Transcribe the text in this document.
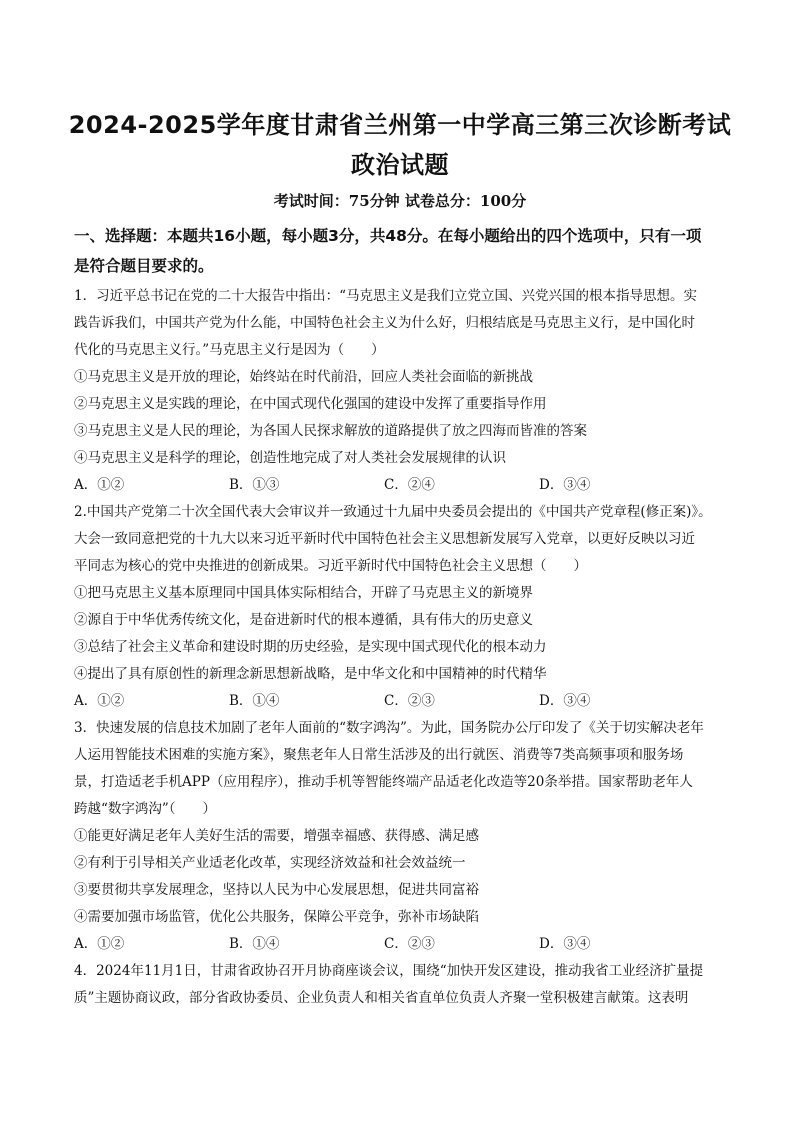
2024-2025学年度甘肃省兰州第一中学高三第三次诊断考试
政治试题
考试时间：75分钟 试卷总分：100分
一、选择题：本题共16小题，每小题3分，共48分。在每小题给出的四个选项中，只有一项
是符合题目要求的。
1．习近平总书记在党的二十大报告中指出：“马克思主义是我们立党立国、兴党兴国的根本指导思想。实
践告诉我们，中国共产党为什么能，中国特色社会主义为什么好，归根结底是马克思主义行，是中国化时
代化的马克思主义行。”马克思主义行是因为（　　）
①马克思主义是开放的理论，始终站在时代前沿，回应人类社会面临的新挑战
②马克思主义是实践的理论，在中国式现代化强国的建设中发挥了重要指导作用
③马克思主义是人民的理论，为各国人民探求解放的道路提供了放之四海而皆准的答案
④马克思主义是科学的理论，创造性地完成了对人类社会发展规律的认识
A．①②	B．①③	C．②④	D．③④
2.中国共产党第二十次全国代表大会审议并一致通过十九届中央委员会提出的《中国共产党章程(修正案)》。
大会一致同意把党的十九大以来习近平新时代中国特色社会主义思想新发展写入党章，以更好反映以习近
平同志为核心的党中央推进的创新成果。习近平新时代中国特色社会主义思想（　　）
①把马克思主义基本原理同中国具体实际相结合，开辟了马克思主义的新境界
②源自于中华优秀传统文化，是奋进新时代的根本遵循，具有伟大的历史意义
③总结了社会主义革命和建设时期的历史经验，是实现中国式现代化的根本动力
④提出了具有原创性的新理念新思想新战略，是中华文化和中国精神的时代精华
A．①②	B．①④	C．②③	D．③④
3．快速发展的信息技术加剧了老年人面前的“数字鸿沟”。为此，国务院办公厅印发了《关于切实解决老年
人运用智能技术困难的实施方案》，聚焦老年人日常生活涉及的出行就医、消费等7类高频事项和服务场
景，打造适老手机APP（应用程序），推动手机等智能终端产品适老化改造等20条举措。国家帮助老年人
跨越“数字鸿沟”（　　）
①能更好满足老年人美好生活的需要，增强幸福感、获得感、满足感
②有利于引导相关产业适老化改革，实现经济效益和社会效益统一
③要贯彻共享发展理念，坚持以人民为中心发展思想，促进共同富裕
④需要加强市场监管，优化公共服务，保障公平竞争，弥补市场缺陷
A．①②	B．①④	C．②③	D．③④
4．2024年11月1日，甘肃省政协召开月协商座谈会议，围绕“加快开发区建设，推动我省工业经济扩量提
质”主题协商议政，部分省政协委员、企业负责人和相关省直单位负责人齐聚一堂积极建言献策。这表明
